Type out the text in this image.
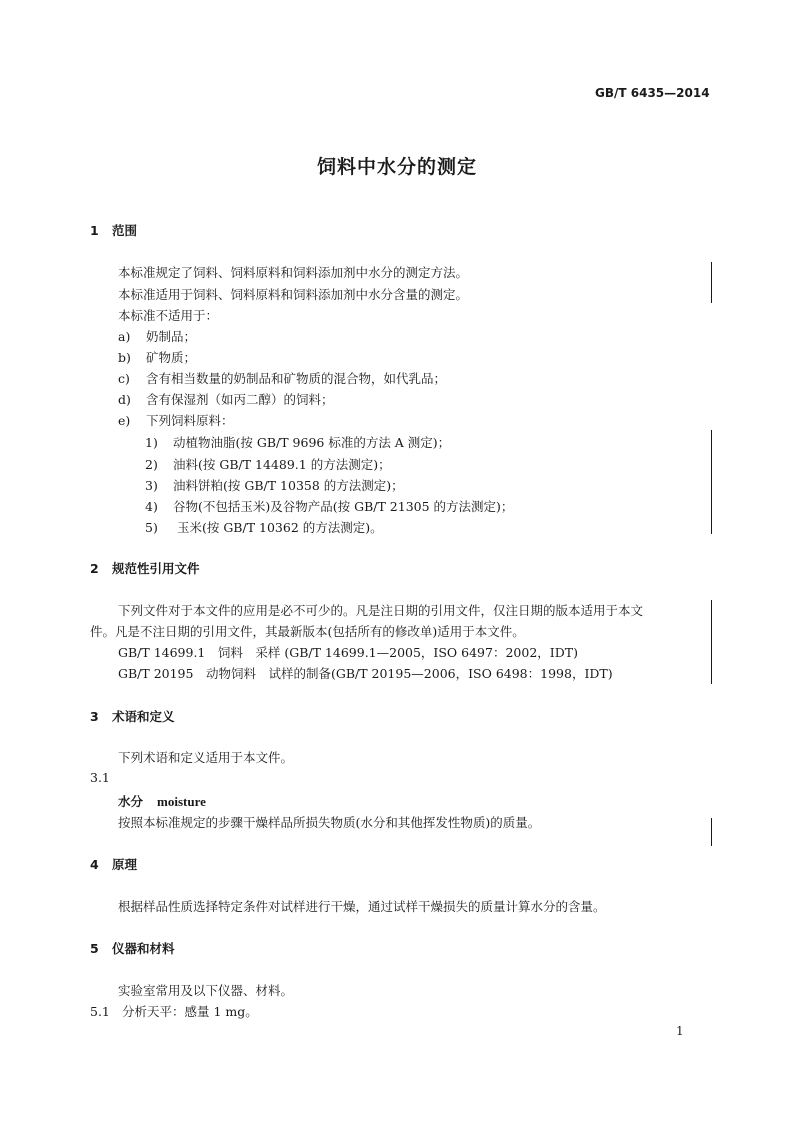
GB/T 6435—2014
饲料中水分的测定
1 范围
本标准规定了饲料、饲料原料和饲料添加剂中水分的测定方法。
本标准适用于饲料、饲料原料和饲料添加剂中水分含量的测定。
本标准不适用于：
a) 奶制品；
b) 矿物质；
c) 含有相当数量的奶制品和矿物质的混合物，如代乳品；
d) 含有保湿剂（如丙二醇）的饲料；
e) 下列饲料原料：
1) 动植物油脂(按 GB/T 9696 标准的方法 A 测定)；
2) 油料(按 GB/T 14489.1 的方法测定)；
3) 油料饼粕(按 GB/T 10358 的方法测定)；
4) 谷物(不包括玉米)及谷物产品(按 GB/T 21305 的方法测定)；
5) 玉米(按 GB/T 10362 的方法测定)。
2 规范性引用文件
下列文件对于本文件的应用是必不可少的。凡是注日期的引用文件，仅注日期的版本适用于本文
件。凡是不注日期的引用文件，其最新版本(包括所有的修改单)适用于本文件。
GB/T 14699.1　饲料　采样 (GB/T 14699.1—2005，ISO 6497：2002，IDT)
GB/T 20195　动物饲料　试样的制备(GB/T 20195—2006，ISO 6498：1998，IDT)
3 术语和定义
下列术语和定义适用于本文件。
3.1
水分 moisture
按照本标准规定的步骤干燥样品所损失物质(水分和其他挥发性物质)的质量。
4 原理
根据样品性质选择特定条件对试样进行干燥，通过试样干燥损失的质量计算水分的含量。
5 仪器和材料
实验室常用及以下仪器、材料。
5.1 分析天平：感量 1 mg。
1
